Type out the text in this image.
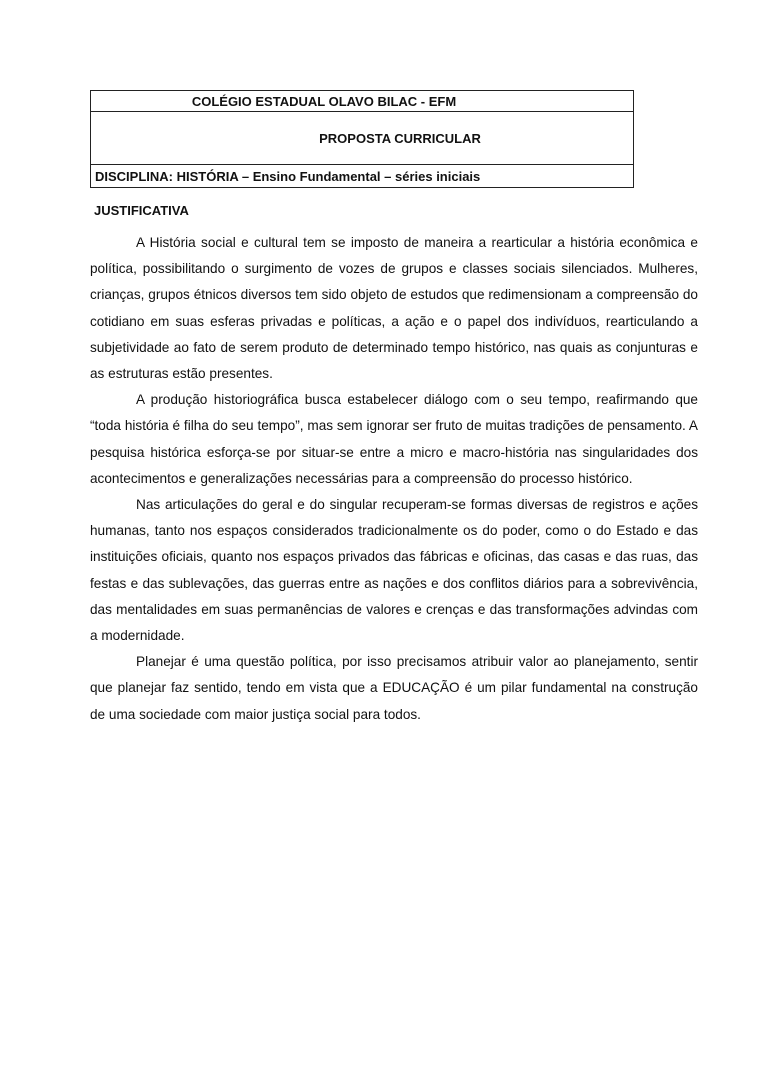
COLÉGIO ESTADUAL OLAVO BILAC - EFM
PROPOSTA CURRICULAR
DISCIPLINA: HISTÓRIA – Ensino Fundamental – séries iniciais
JUSTIFICATIVA

A História social e cultural tem se imposto de maneira a rearticular a história econômica e política, possibilitando o surgimento de vozes de grupos e classes sociais silenciados. Mulheres, crianças, grupos étnicos diversos tem sido objeto de estudos que redimensionam a compreensão do cotidiano em suas esferas privadas e políticas, a ação e o papel dos indivíduos, rearticulando a subjetividade ao fato de serem produto de determinado tempo histórico, nas quais as conjunturas e as estruturas estão presentes.

A produção historiográfica busca estabelecer diálogo com o seu tempo, reafirmando que “toda história é filha do seu tempo”, mas sem ignorar ser fruto de muitas tradições de pensamento. A pesquisa histórica esforça-se por situar-se entre a micro e macro-história nas singularidades dos acontecimentos e generalizações necessárias para a compreensão do processo histórico.

Nas articulações do geral e do singular recuperam-se formas diversas de registros e ações humanas, tanto nos espaços considerados tradicionalmente os do poder, como o do Estado e das instituições oficiais, quanto nos espaços privados das fábricas e oficinas, das casas e das ruas, das festas e das sublevações, das guerras entre as nações e dos conflitos diários para a sobrevivência, das mentalidades em suas permanências de valores e crenças e das transformações advindas com a modernidade.

Planejar é uma questão política, por isso precisamos atribuir valor ao planejamento, sentir que planejar faz sentido, tendo em vista que a EDUCAÇÃO é um pilar fundamental na construção de uma sociedade com maior justiça social para todos.
